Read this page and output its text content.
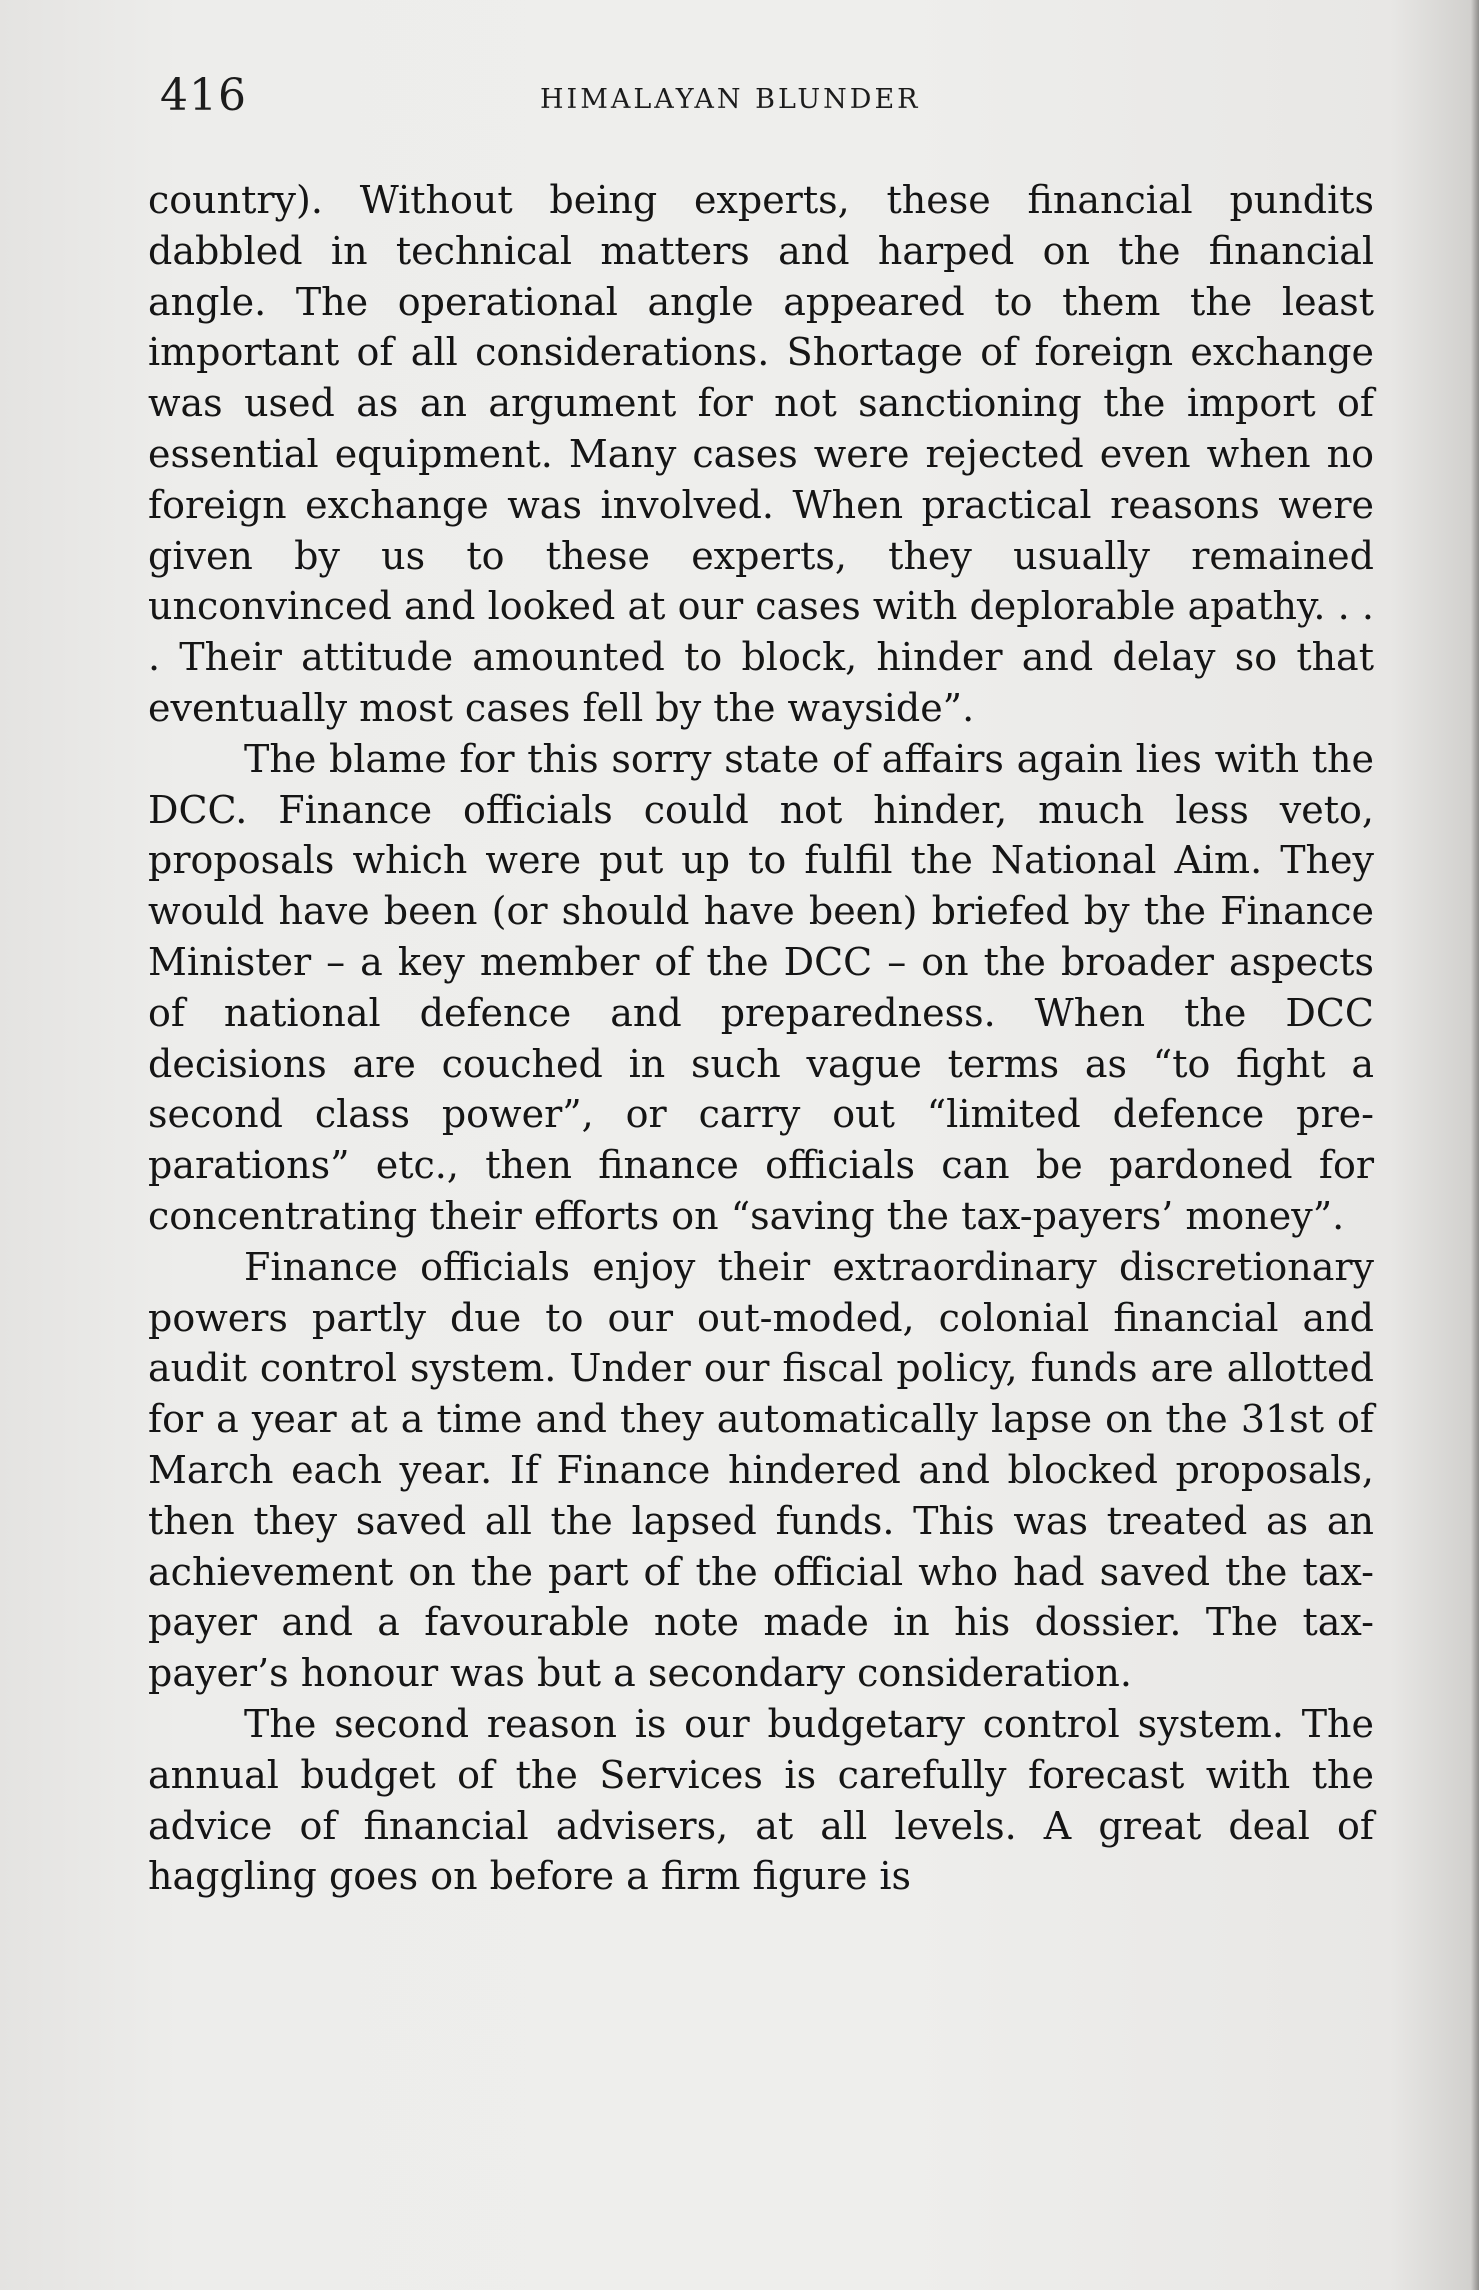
416	HIMALAYAN BLUNDER

country). Without being experts, these financial pundits dabbled in technical matters and harped on the financial angle. The operational angle appeared to them the least important of all considerations. Shortage of foreign exchange was used as an argument for not sanctioning the import of essential equipment. Many cases were rejected even when no foreign exchange was involved. When practical reasons were given by us to these experts, they usually remained unconvinced and looked at our cases with deplorable apathy. . . . Their attitude amounted to block, hinder and delay so that eventually most cases fell by the wayside”.

The blame for this sorry state of affairs again lies with the DCC. Finance officials could not hinder, much less veto, proposals which were put up to fulfil the National Aim. They would have been (or should have been) briefed by the Finance Minister – a key member of the DCC – on the broader aspects of national defence and preparedness. When the DCC decisions are couched in such vague terms as “to fight a second class power”, or carry out “limited defence preparations” etc., then finance officials can be pardoned for concentrating their efforts on “saving the tax-payers’ money”.

Finance officials enjoy their extraordinary discretionary powers partly due to our out-moded, colonial financial and audit control system. Under our fiscal policy, funds are allotted for a year at a time and they automatically lapse on the 31st of March each year. If Finance hindered and blocked proposals, then they saved all the lapsed funds. This was treated as an achievement on the part of the official who had saved the tax-payer and a favourable note made in his dossier. The tax-payer’s honour was but a secondary consideration.

The second reason is our budgetary control system. The annual budget of the Services is carefully forecast with the advice of financial advisers, at all levels. A great deal of haggling goes on before a firm figure is
